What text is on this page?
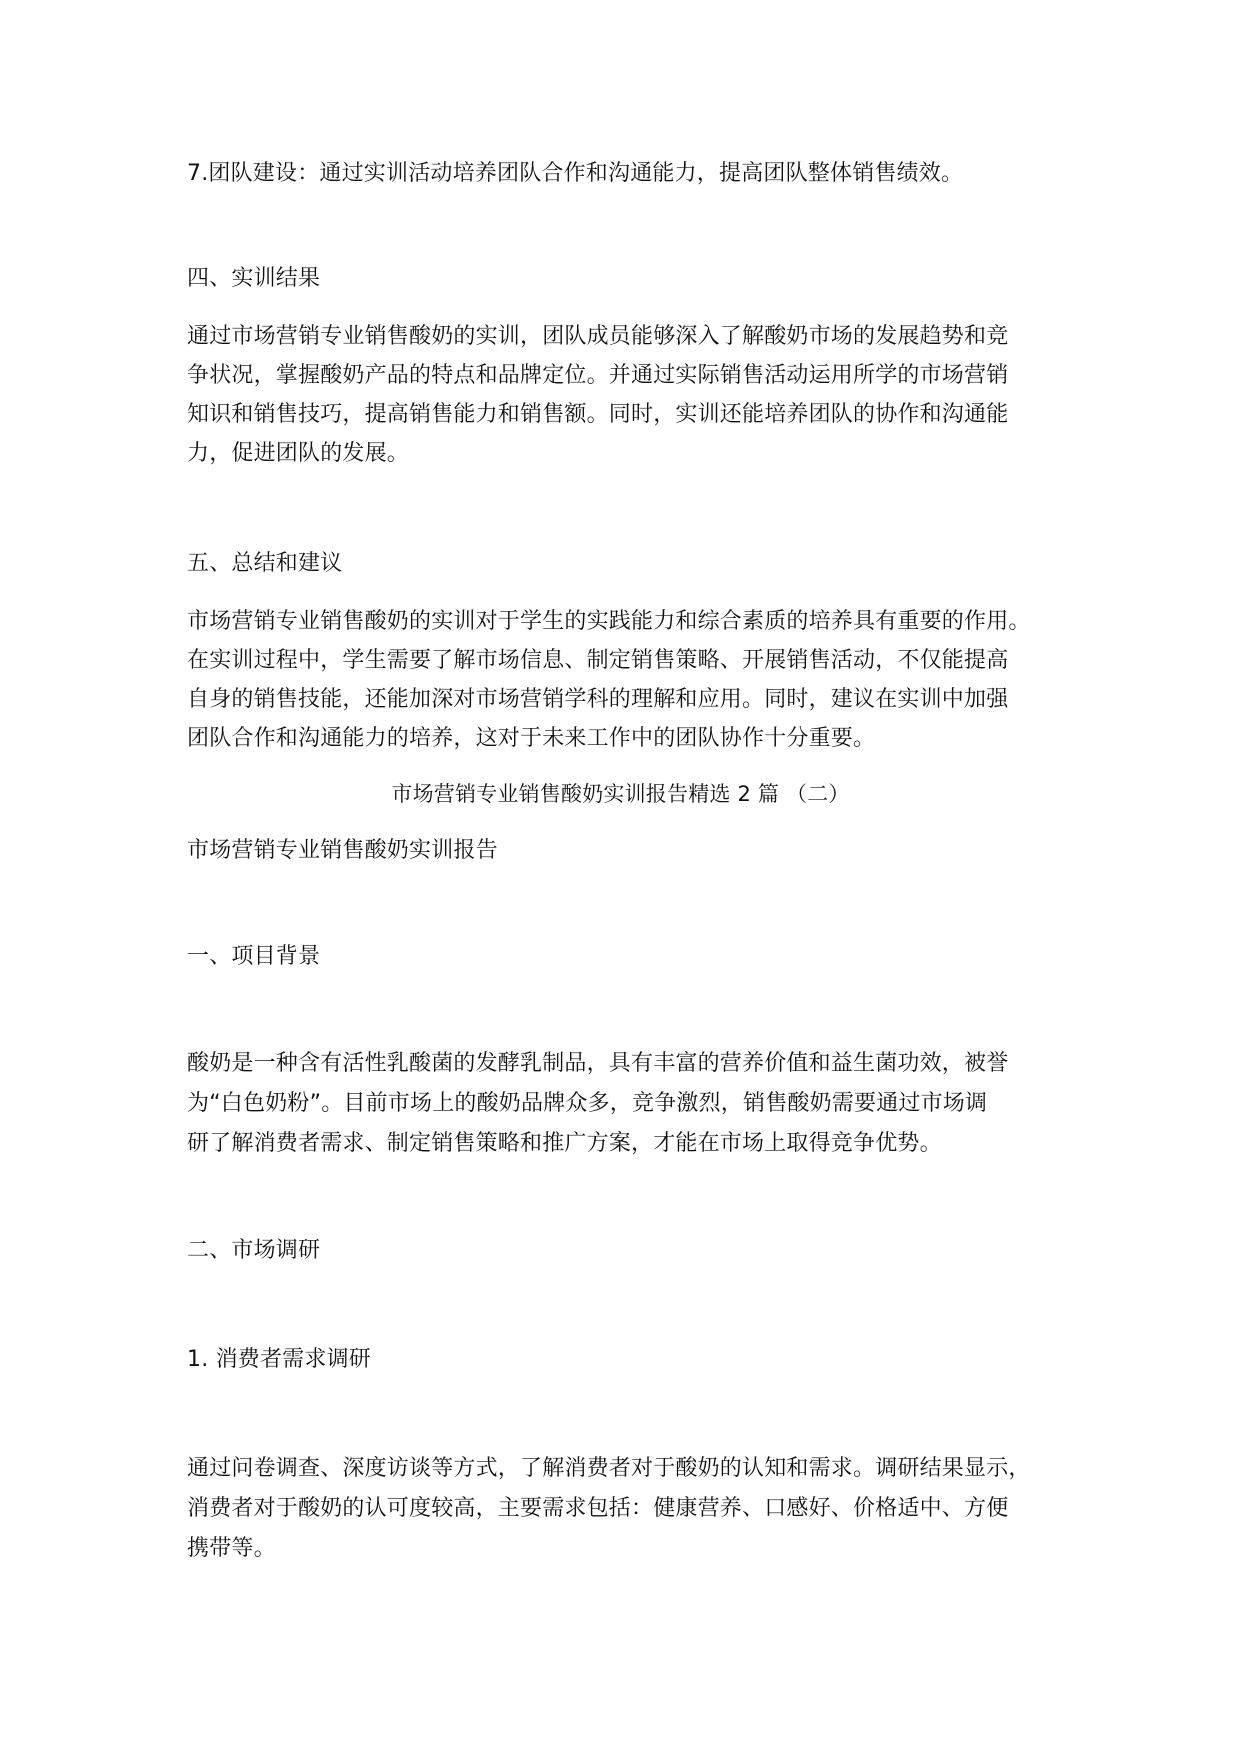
7.团队建设：通过实训活动培养团队合作和沟通能力，提高团队整体销售绩效。
四、实训结果
通过市场营销专业销售酸奶的实训，团队成员能够深入了解酸奶市场的发展趋势和竞
争状况，掌握酸奶产品的特点和品牌定位。并通过实际销售活动运用所学的市场营销
知识和销售技巧，提高销售能力和销售额。同时，实训还能培养团队的协作和沟通能
力，促进团队的发展。
五、总结和建议
市场营销专业销售酸奶的实训对于学生的实践能力和综合素质的培养具有重要的作用。
在实训过程中，学生需要了解市场信息、制定销售策略、开展销售活动，不仅能提高
自身的销售技能，还能加深对市场营销学科的理解和应用。同时，建议在实训中加强
团队合作和沟通能力的培养，这对于未来工作中的团队协作十分重要。
市场营销专业销售酸奶实训报告精选 2 篇 （二）
市场营销专业销售酸奶实训报告
一、项目背景
酸奶是一种含有活性乳酸菌的发酵乳制品，具有丰富的营养价值和益生菌功效，被誉
为“白色奶粉”。目前市场上的酸奶品牌众多，竞争激烈，销售酸奶需要通过市场调
研了解消费者需求、制定销售策略和推广方案，才能在市场上取得竞争优势。
二、市场调研
1. 消费者需求调研
通过问卷调查、深度访谈等方式，了解消费者对于酸奶的认知和需求。调研结果显示，
消费者对于酸奶的认可度较高，主要需求包括：健康营养、口感好、价格适中、方便
携带等。
